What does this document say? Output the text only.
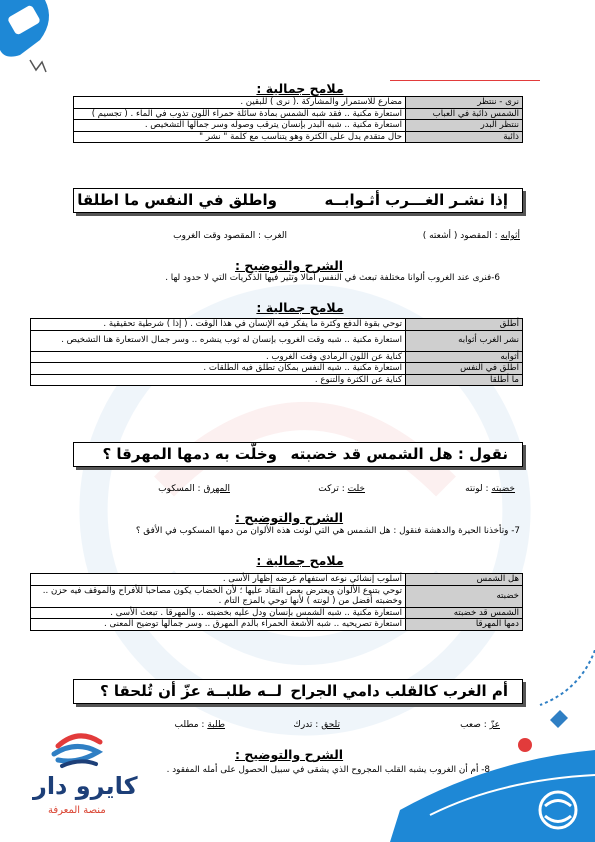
ملامح جمالية :
نرى - ننتظر	مضارع للاستمرار والمشاركة .( نرى ) للبقين .
الشمس ذائبة في العباب	استعارة مكنية .. فقد شبه الشمس بمادة سائلة حمراء اللون تذوب في الماء . ( تجسيم )
ننتظر البدر	استعارة مكنية .. شبه البدر بإنسان يترقب وصوله وسر جمالها التشخيص .
ذائبة	حال متقدم يدل على الكثرة وهو يتناسب مع كلمة " نشر "
إذا نشـر الغـــرب أثـوابــه
واطلق في النفس ما اطلقا
أثوابه : المقصود ( أشعته )
الغرب : المقصود وقت الغروب
الشرح والتوضيح :
6-فنرى عند الغروب ألوانا مختلفة تبعث في النفس آمالا وتثير فيها الذكريات التي لا حدود لها .
ملامح جمالية :
أطلق	توحي بقوة الدفع وكثرة ما يفكر فيه الإنسان في هذا الوقت . ( إذا ) شرطية تحقيقية .
نشر الغرب أثوابه	استعارة مكنية .. شبه وقت الغروب بإنسان له ثوب ينشره .. وسر جمال الاستعارة هنا التشخيص .
أثوابه	كناية عن اللون الرمادي وقت الغروب .
اطلق في النفس	استعارة مكنية .. شبه النفس بمكان تطلق فيه الطلقات .
ما أطلقا	كناية عن الكثرة والتنوع .
نقول : هل الشمس قد خضبته
وخلّت به دمها المهرقا ؟
خضبته : لونته
خلت : تركت
المهرق : المسكوب
الشرح والتوضيح :
7- وتأخذنا الحيرة والدهشة فنقول : هل الشمس هي التي لونت هذه الألوان من دمها المسكوب في الأفق ؟
ملامح جمالية :
هل الشمس	أسلوب إنشائي نوعه استفهام غرضه إظهار الأسى .
خضبته	توحي بتنوع الألوان ويعترض بعض النقاد عليها ؛ لأن الخضاب يكون مصاحبا للأفراح والموقف فيه حزن .. وخضبته أفضل من ( لونته ) لأنها توحي بالمزج التام .
الشمس قد خضبته	استعارة مكنية .. شبه الشمس بإنسان ودل عليه بخضبته .. والمهرقا . تبعث الأسى .
دمها المهرقا	استعارة تصريحيه .. شبه الأشعة الحمراء بالدم المهرق .. وسر جمالها توضيح المعنى .
أم الغرب كالقلب دامي الجراح
لــه طلبــة عزّ أن تُلحقا ؟
عزّ : صعب
تلحق : تدرك
طلبة : مطلب
الشرح والتوضيح :
8- أم أن الغروب يشبه القلب المجروح الذي يشقى في سبيل الحصول على أمله المفقود .
كايرو دار
منصة المعرفة
